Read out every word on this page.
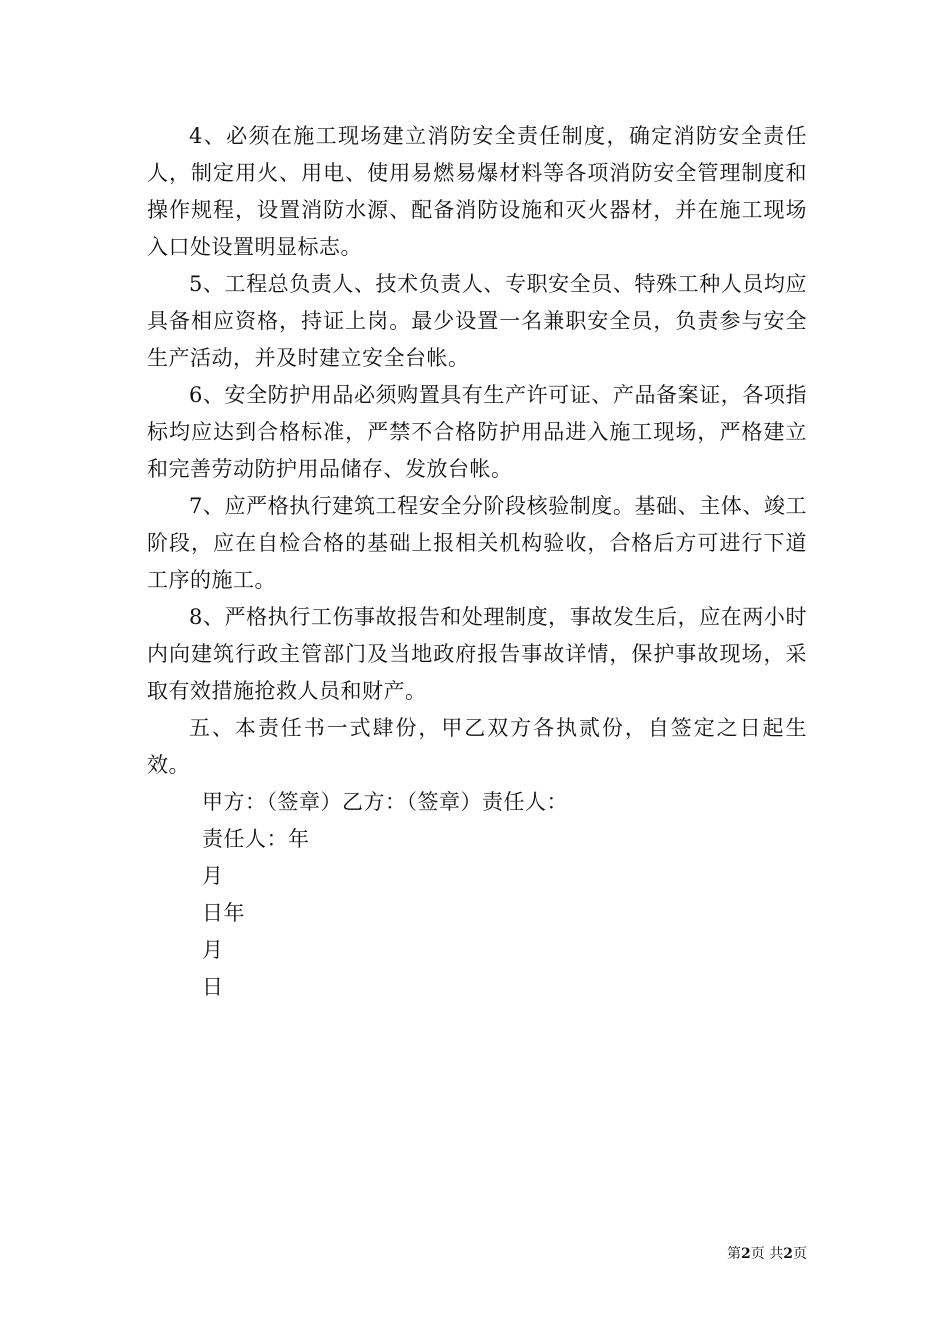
4、必须在施工现场建立消防安全责任制度，确定消防安全责任人，制定用火、用电、使用易燃易爆材料等各项消防安全管理制度和操作规程，设置消防水源、配备消防设施和灭火器材，并在施工现场入口处设置明显标志。

5、工程总负责人、技术负责人、专职安全员、特殊工种人员均应具备相应资格，持证上岗。最少设置一名兼职安全员，负责参与安全生产活动，并及时建立安全台帐。

6、安全防护用品必须购置具有生产许可证、产品备案证，各项指标均应达到合格标准，严禁不合格防护用品进入施工现场，严格建立和完善劳动防护用品储存、发放台帐。

7、应严格执行建筑工程安全分阶段核验制度。基础、主体、竣工阶段，应在自检合格的基础上报相关机构验收，合格后方可进行下道工序的施工。

8、严格执行工伤事故报告和处理制度，事故发生后，应在两小时内向建筑行政主管部门及当地政府报告事故详情，保护事故现场，采取有效措施抢救人员和财产。

五、本责任书一式肆份，甲乙双方各执贰份，自签定之日起生效。

甲方：（签章）乙方：（签章）责任人：

责任人：年

月

日年

月

日

第2页 共2页
